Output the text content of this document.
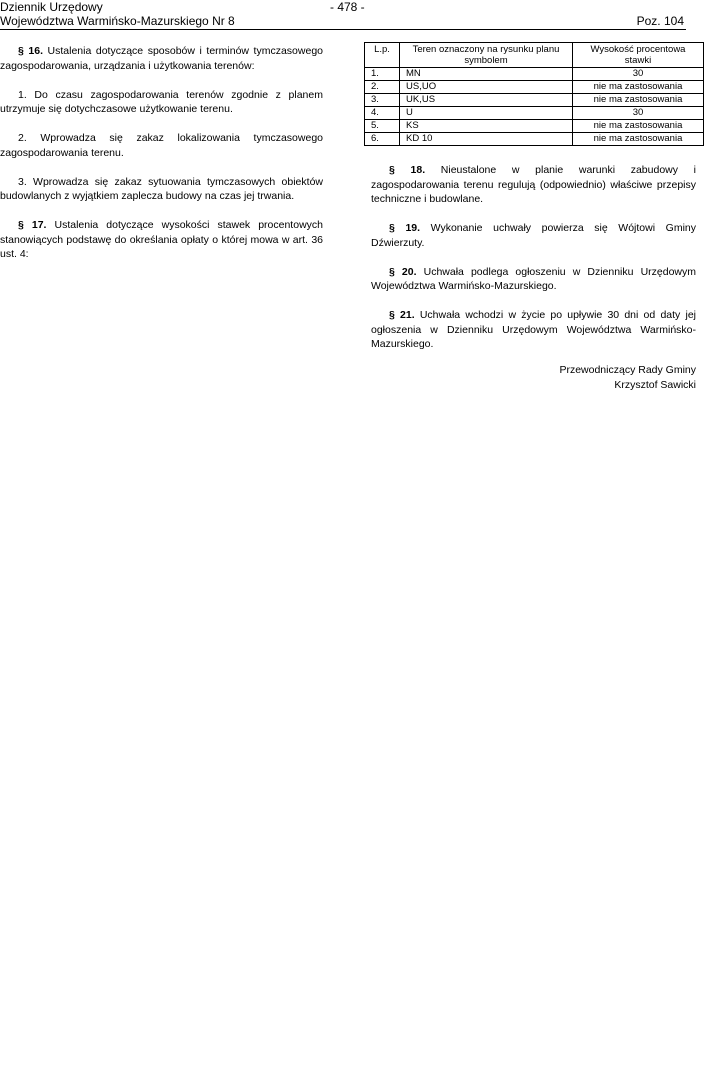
Dziennik Urzędowy	- 478 -
Województwa Warmińsko-Mazurskiego Nr 8	Poz. 104

§ 16. Ustalenia dotyczące sposobów i terminów tymczasowego zagospodarowania, urządzania i użytkowania terenów:

1. Do czasu zagospodarowania terenów zgodnie z planem utrzymuje się dotychczasowe użytkowanie terenu.

2. Wprowadza się zakaz lokalizowania tymczasowego zagospodarowania terenu.

3. Wprowadza się zakaz sytuowania tymczasowych obiektów budowlanych z wyjątkiem zaplecza budowy na czas jej trwania.

§ 17. Ustalenia dotyczące wysokości stawek procentowych stanowiących podstawę do określania opłaty o której mowa w art. 36 ust. 4:

L.p.	Teren oznaczony na rysunku planu symbolem	Wysokość procentowa stawki
1.	MN	30
2.	US,UO	nie ma zastosowania
3.	UK,US	nie ma zastosowania
4.	U	30
5.	KS	nie ma zastosowania
6.	KD 10	nie ma zastosowania

§ 18. Nieustalone w planie warunki zabudowy i zagospodarowania terenu regulują (odpowiednio) właściwe przepisy techniczne i budowlane.

§ 19. Wykonanie uchwały powierza się Wójtowi Gminy Dźwierzuty.

§ 20. Uchwała podlega ogłoszeniu w Dzienniku Urzędowym Województwa Warmińsko-Mazurskiego.

§ 21. Uchwała wchodzi w życie po upływie 30 dni od daty jej ogłoszenia w Dzienniku Urzędowym Województwa Warmińsko-Mazurskiego.

Przewodniczący Rady Gminy
Krzysztof Sawicki
